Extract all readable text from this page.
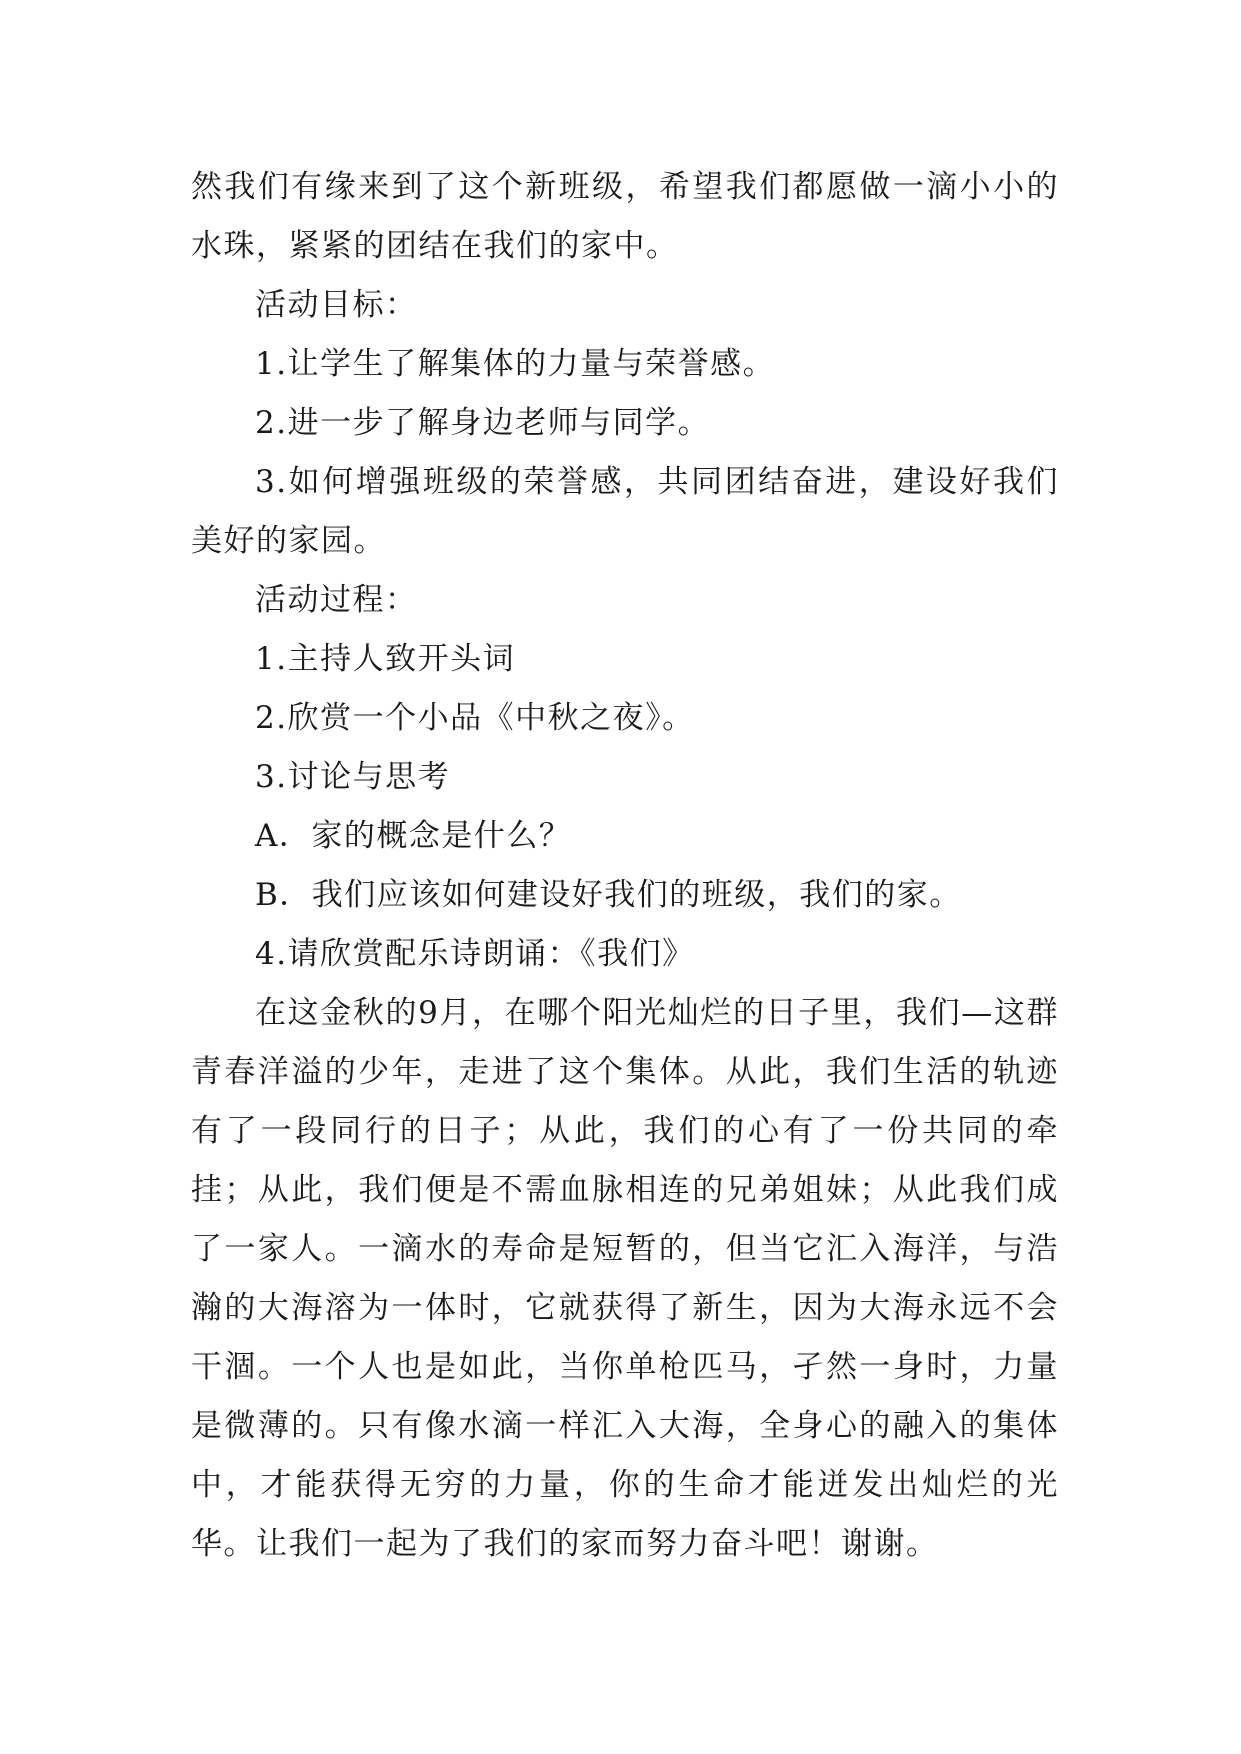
然我们有缘来到了这个新班级，希望我们都愿做一滴小小的水珠，紧紧的团结在我们的家中。

活动目标：

1.让学生了解集体的力量与荣誉感。

2.进一步了解身边老师与同学。

3.如何增强班级的荣誉感，共同团结奋进，建设好我们美好的家园。

活动过程：

1.主持人致开头词

2.欣赏一个小品《中秋之夜》。

3.讨论与思考

A．家的概念是什么？

B．我们应该如何建设好我们的班级，我们的家。

4.请欣赏配乐诗朗诵：《我们》

在这金秋的9月，在哪个阳光灿烂的日子里，我们—这群青春洋溢的少年，走进了这个集体。从此，我们生活的轨迹有了一段同行的日子；从此，我们的心有了一份共同的牵挂；从此，我们便是不需血脉相连的兄弟姐妹；从此我们成了一家人。一滴水的寿命是短暂的，但当它汇入海洋，与浩瀚的大海溶为一体时，它就获得了新生，因为大海永远不会干涸。一个人也是如此，当你单枪匹马，孑然一身时，力量是微薄的。只有像水滴一样汇入大海，全身心的融入的集体中，才能获得无穷的力量，你的生命才能迸发出灿烂的光华。让我们一起为了我们的家而努力奋斗吧！谢谢。
